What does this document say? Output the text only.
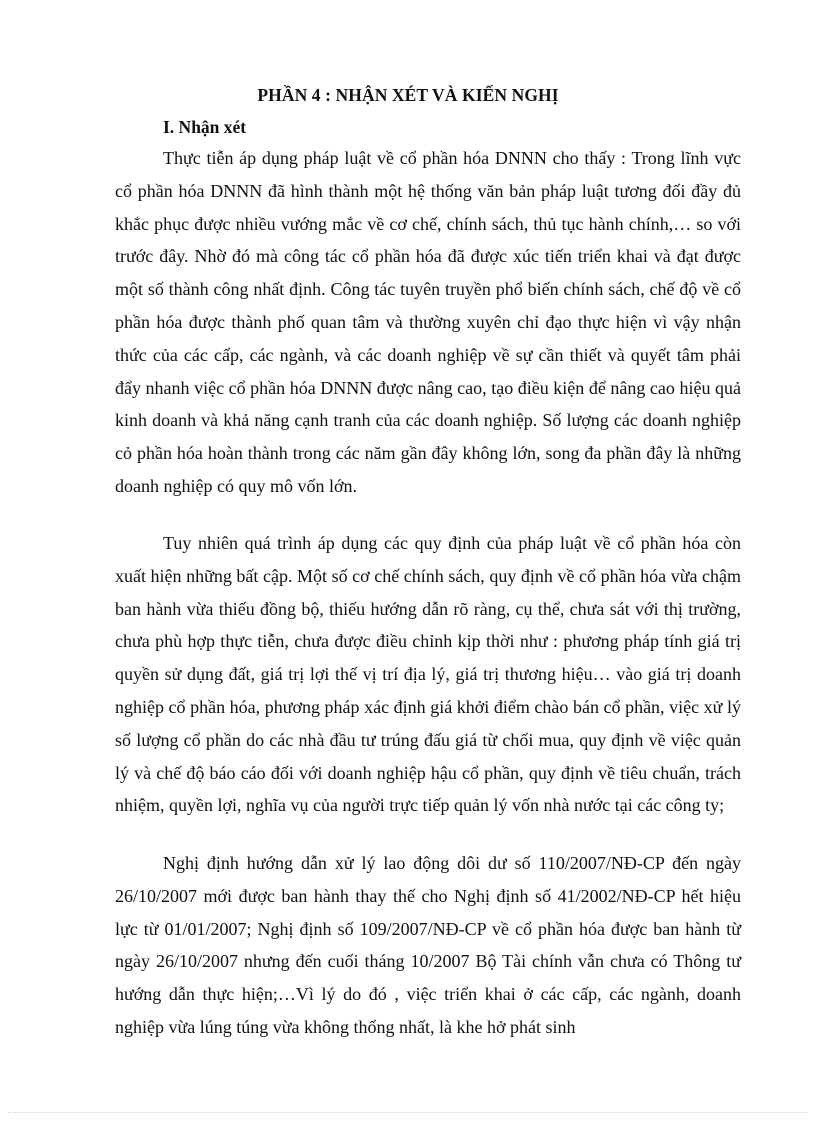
PHẦN 4 : NHẬN XÉT VÀ KIẾN NGHỊ
I. Nhận xét

Thực tiễn áp dụng pháp luật về cổ phần hóa DNNN cho thấy : Trong lĩnh vực cổ phần hóa DNNN đã hình thành một hệ thống văn bản pháp luật tương đối đầy đủ khắc phục được nhiều vướng mắc về cơ chế, chính sách, thủ tục hành chính,… so với trước đây. Nhờ đó mà công tác cổ phần hóa đã được xúc tiến triển khai và đạt được một số thành công nhất định. Công tác tuyên truyền phổ biến chính sách, chế độ về cổ phần hóa được thành phố quan tâm và thường xuyên chỉ đạo thực hiện vì vậy nhận thức của các cấp, các ngành, và các doanh nghiệp về sự cần thiết và quyết tâm phải đẩy nhanh việc cổ phần hóa DNNN được nâng cao, tạo điều kiện để nâng cao hiệu quả kinh doanh và khả năng cạnh tranh của các doanh nghiệp. Số lượng các doanh nghiệp cỏ phần hóa hoàn thành trong các năm gần đây không lớn, song đa phần đây là những doanh nghiệp có quy mô vốn lớn.

Tuy nhiên quá trình áp dụng các quy định của pháp luật về cổ phần hóa còn xuất hiện những bất cập. Một số cơ chế chính sách, quy định về cổ phần hóa vừa chậm ban hành vừa thiếu đồng bộ, thiếu hướng dẫn rõ ràng, cụ thể, chưa sát với thị trường, chưa phù hợp thực tiễn, chưa được điều chỉnh kịp thời như : phương pháp tính giá trị quyền sử dụng đất, giá trị lợi thế vị trí địa lý, giá trị thương hiệu… vào giá trị doanh nghiệp cổ phần hóa, phương pháp xác định giá khởi điểm chào bán cổ phần, việc xử lý số lượng cổ phần do các nhà đầu tư trúng đấu giá từ chối mua, quy định về việc quản lý và chế độ báo cáo đối với doanh nghiệp hậu cổ phần, quy định về tiêu chuẩn, trách nhiệm, quyền lợi, nghĩa vụ của người trực tiếp quản lý vốn nhà nước tại các công ty;

Nghị định hướng dẫn xử lý lao động dôi dư số 110/2007/NĐ-CP đến ngày 26/10/2007 mới được ban hành thay thế cho Nghị định số 41/2002/NĐ-CP hết hiệu lực từ 01/01/2007; Nghị định số 109/2007/NĐ-CP về cổ phần hóa được ban hành từ ngày 26/10/2007 nhưng đến cuối tháng 10/2007 Bộ Tài chính vẫn chưa có Thông tư hướng dẫn thực hiện;…Vì lý do đó , việc triển khai ở các cấp, các ngành, doanh nghiệp vừa lúng túng vừa không thống nhất, là khe hở phát sinh
